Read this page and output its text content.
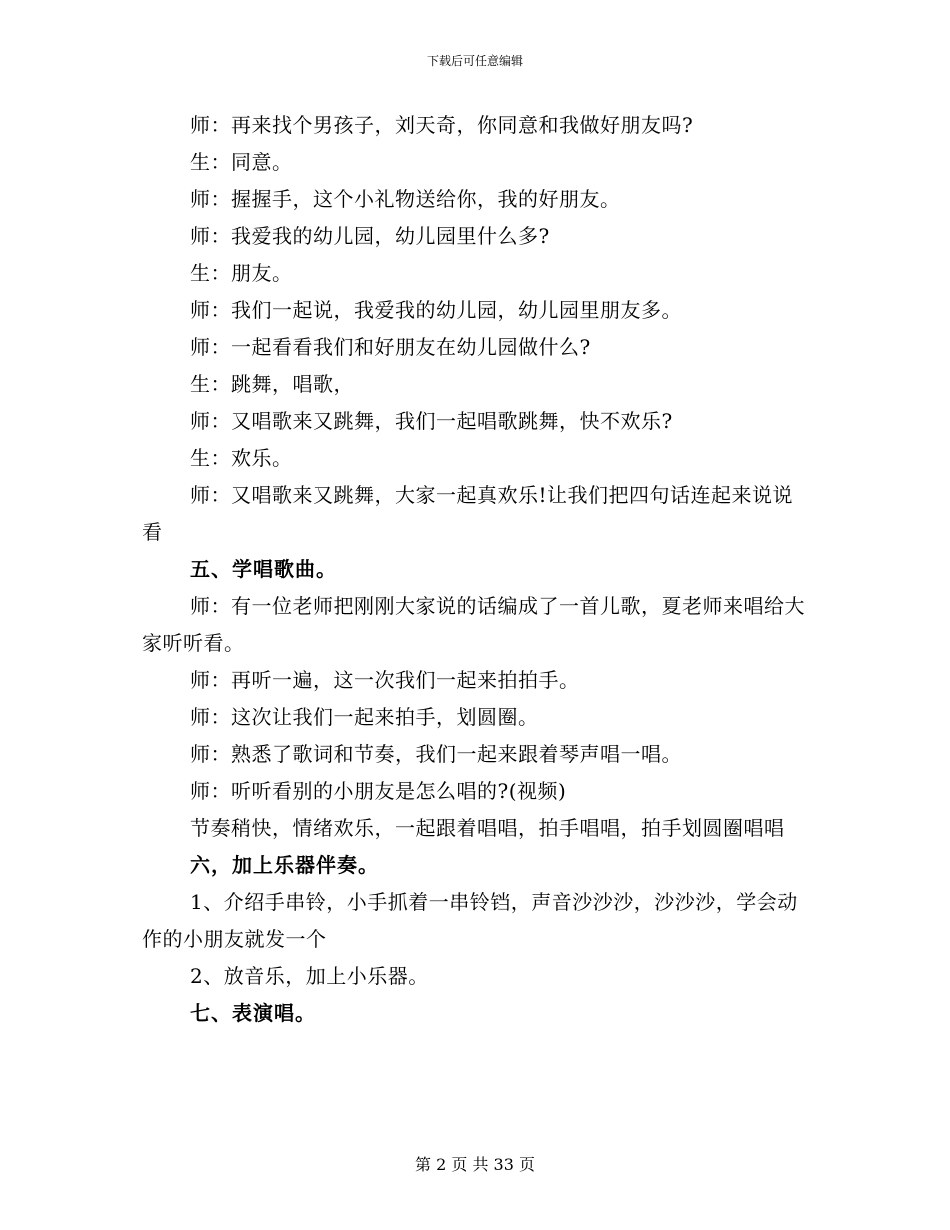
下载后可任意编辑

师：再来找个男孩子，刘天奇，你同意和我做好朋友吗?

生：同意。

师：握握手，这个小礼物送给你，我的好朋友。

师：我爱我的幼儿园，幼儿园里什么多?

生：朋友。

师：我们一起说，我爱我的幼儿园，幼儿园里朋友多。

师：一起看看我们和好朋友在幼儿园做什么?

生：跳舞，唱歌，

师：又唱歌来又跳舞，我们一起唱歌跳舞，快不欢乐?

生：欢乐。

师：又唱歌来又跳舞，大家一起真欢乐!让我们把四句话连起来说说看

五、学唱歌曲。

师：有一位老师把刚刚大家说的话编成了一首儿歌，夏老师来唱给大家听听看。

师：再听一遍，这一次我们一起来拍拍手。

师：这次让我们一起来拍手，划圆圈。

师：熟悉了歌词和节奏，我们一起来跟着琴声唱一唱。

师：听听看别的小朋友是怎么唱的?(视频)

节奏稍快，情绪欢乐，一起跟着唱唱，拍手唱唱，拍手划圆圈唱唱

六，加上乐器伴奏。

1、介绍手串铃，小手抓着一串铃铛，声音沙沙沙，沙沙沙，学会动作的小朋友就发一个

2、放音乐，加上小乐器。

七、表演唱。

第 2 页 共 33 页
